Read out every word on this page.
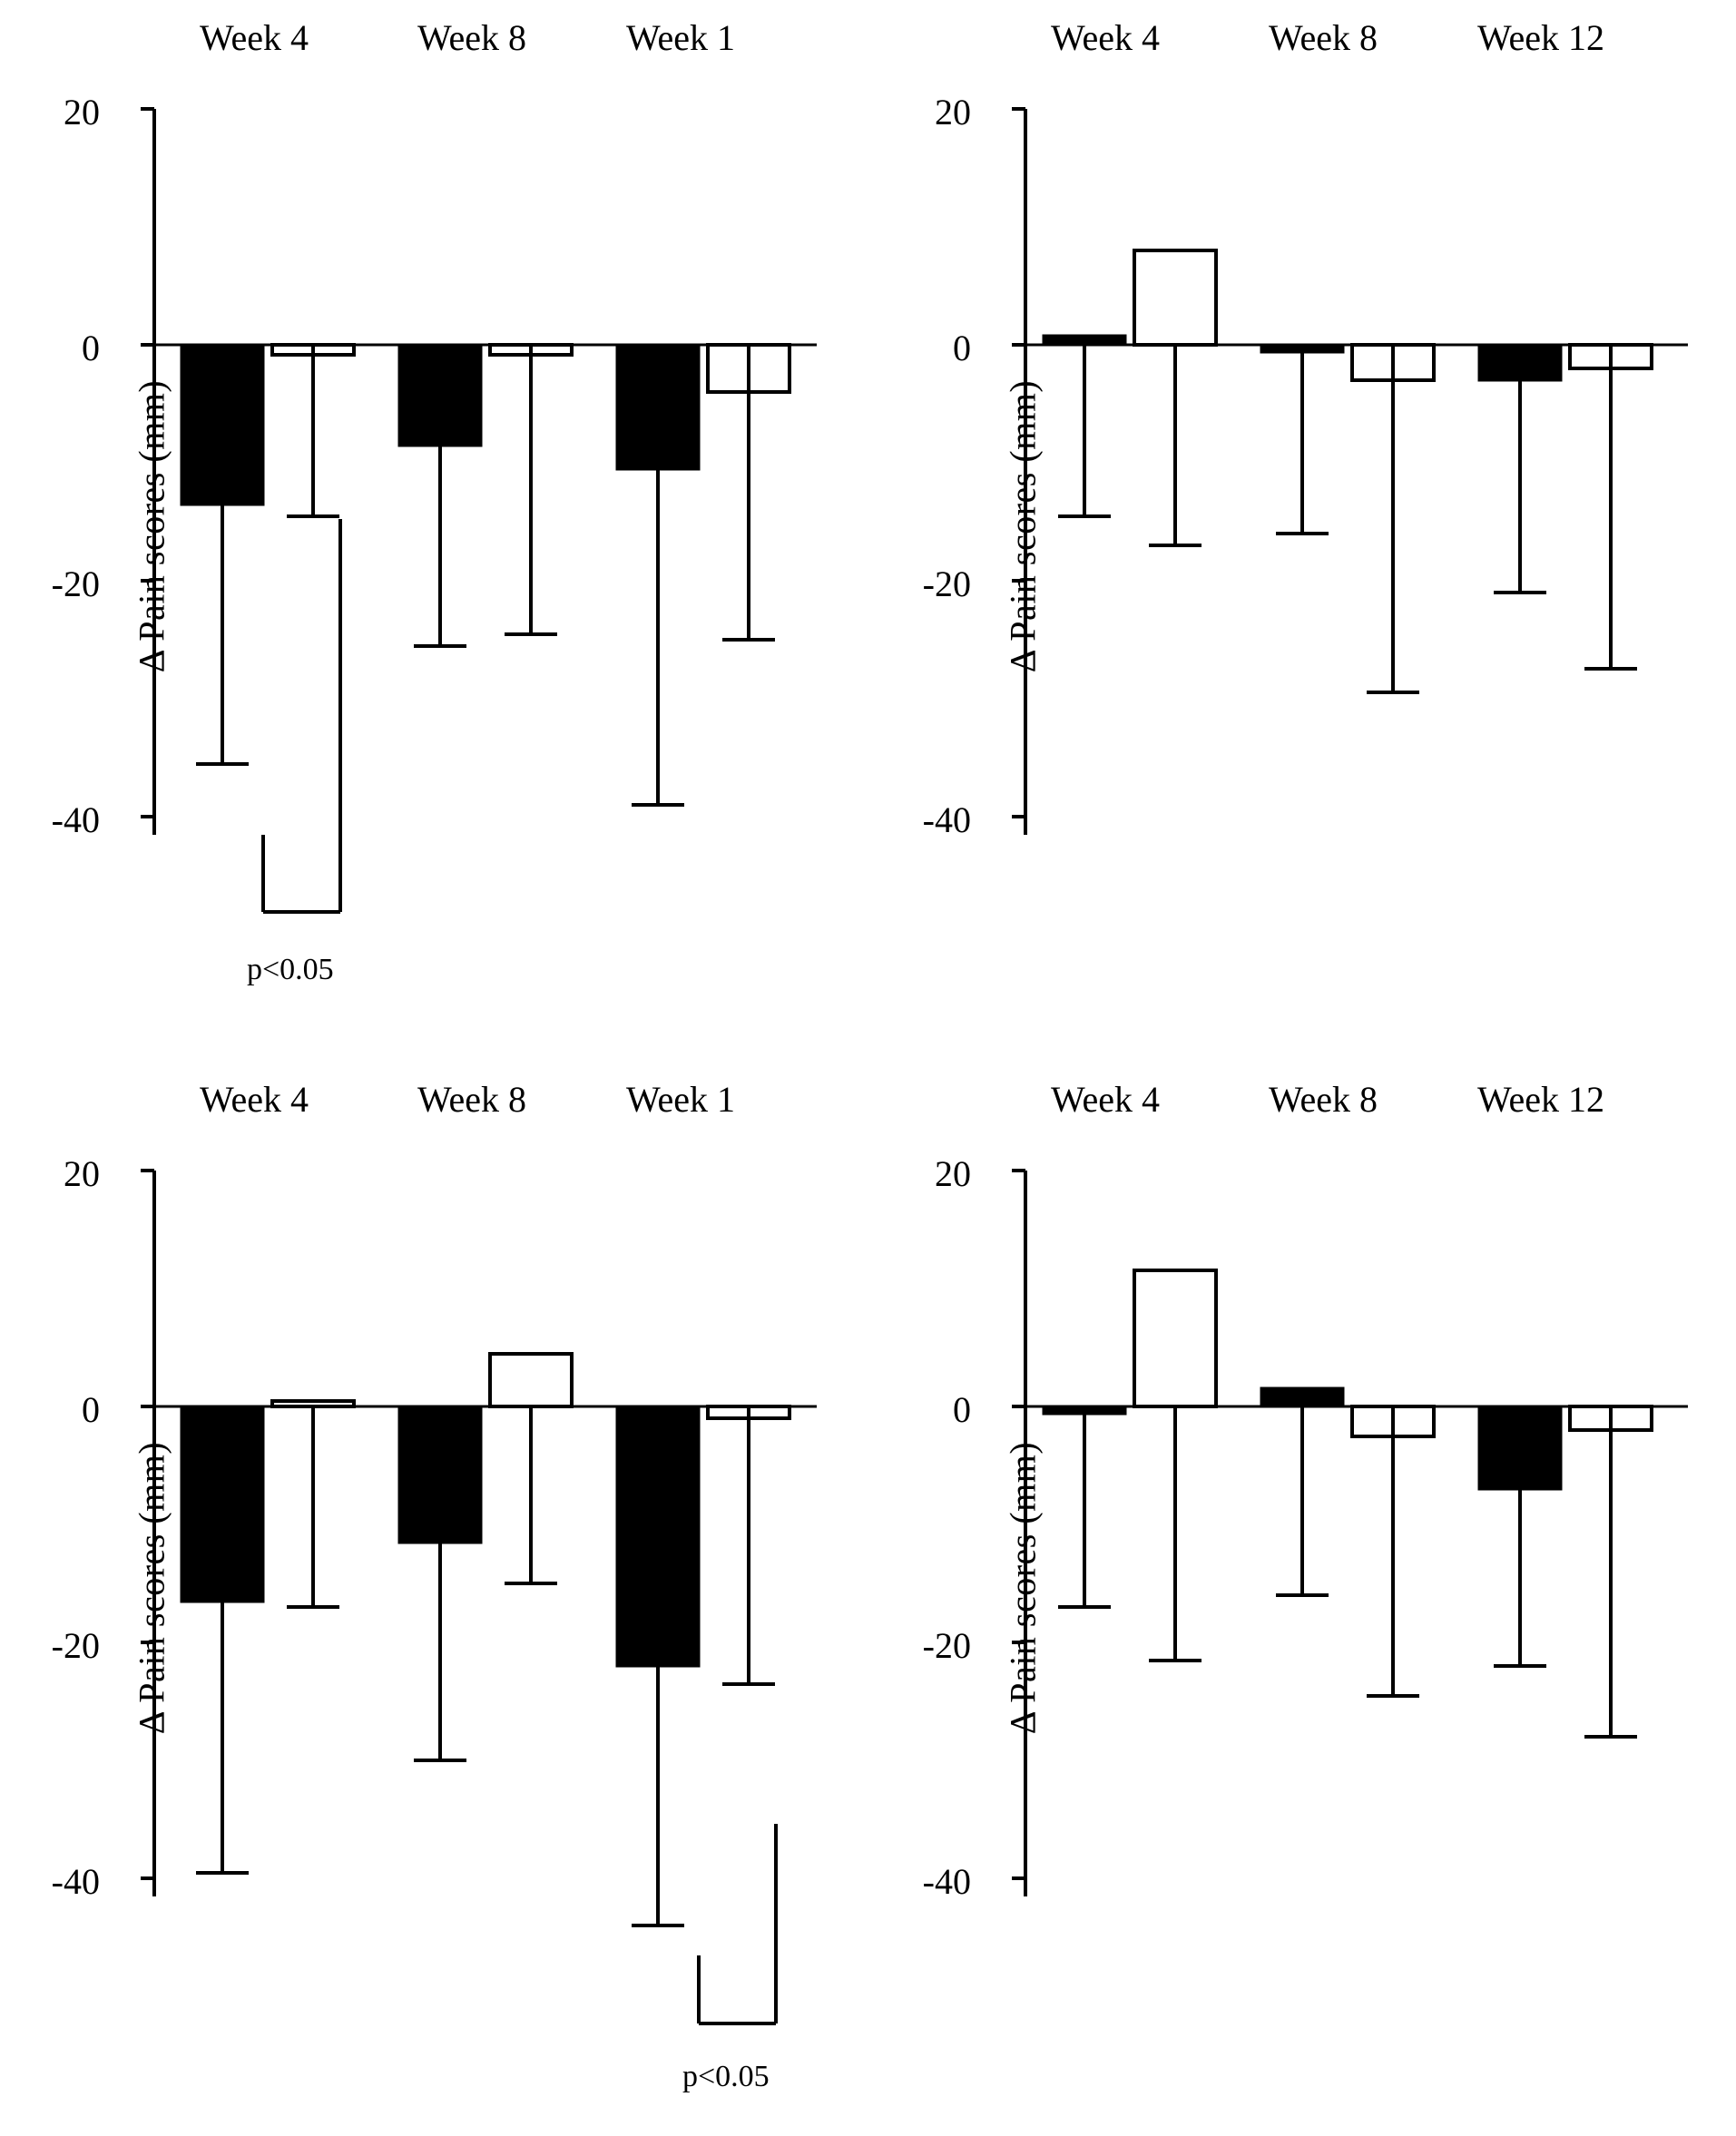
Δ Pain scores (mm)
Week 4	Week 8	Week 1
20
0
-20
-40
p<0.05
Δ Pain scores (mm)
Week 4	Week 8	Week 12
20
0
-20
-40
Δ Pain scores (mm)
Week 4	Week 8	Week 1
20
0
-20
-40
p<0.05
Δ Pain scores (mm)
Week 4	Week 8	Week 12
20
0
-20
-40
